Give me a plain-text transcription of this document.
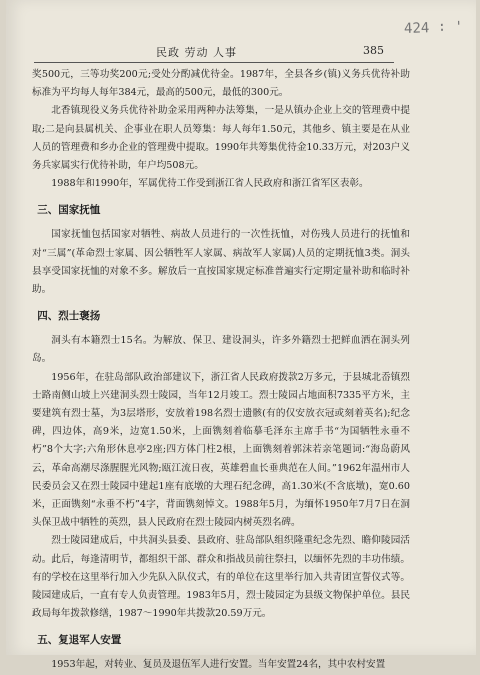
民政 劳动 人事	385
424 ∶ '

奖500元，三等功奖200元;受处分酌减优待金。1987年，全县各乡(镇)义务兵优待补助标准为平均每人每年384元，最高的500元，最低的300元。

北香镇现役义务兵优待补助金采用两种办法筹集，一是从镇办企业上交的管理费中提取;二是向县属机关、企事业在职人员筹集：每人每年1.50元，其他乡、镇主要是在从业人员的管理费和乡办企业的管理费中提取。1990年共筹集优待金10.33万元，对203户义务兵家属实行优待补助，年户均508元。

1988年和1990年，军属优待工作受到浙江省人民政府和浙江省军区表彰。

三、国家抚恤

国家抚恤包括国家对牺牲、病故人员进行的一次性抚恤，对伤残人员进行的抚恤和对“三属”(革命烈士家属、因公牺牲军人家属、病故军人家属)人员的定期抚恤3类。洞头县享受国家抚恤的对象不多。解放后一直按国家规定标准普遍实行定期定量补助和临时补助。

四、烈士褒扬

洞头有本籍烈士15名。为解放、保卫、建设洞头，许多外籍烈士把鲜血洒在洞头列岛。

1956年，在驻岛部队政治部建议下，浙江省人民政府拨款2万多元，于县城北岙镇烈士路南侧山坡上兴建洞头烈士陵园，当年12月竣工。烈士陵园占地面积7335平方米，主要建筑有烈士墓，为3层塔形，安放着198名烈士遗骸(有的仅安放衣冠或刻着英名);纪念碑，四边体，高9米，边宽1.50米，上面镌刻着临摹毛泽东主席手书“为国牺牲永垂不朽”8个大字;六角形休息亭2座;四方体门柱2根，上面镌刻着郭沫若亲笔题词:“海岛蔚风云，革命高潮尽涤腥腥光风物;瓯江流日夜，英雄碧血长垂典范在人间。”1962年温州市人民委员会又在烈士陵园中建起1座有底墩的大理石纪念碑，高1.30米(不含底墩)，宽0.60米，正面镌刻“永垂不朽”4字，背面镌刻悼文。1988年5月，为缅怀1950年7月7日在洞头保卫战中牺牲的英烈，县人民政府在烈士陵园内树英烈名碑。

烈士陵园建成后，中共洞头县委、县政府、驻岛部队组织隆重纪念先烈、瞻仰陵园活动。此后，每逢清明节，都组织干部、群众和指战员前往祭扫，以缅怀先烈的丰功伟绩。有的学校在这里举行加入少先队入队仪式，有的单位在这里举行加入共青团宣誓仪式等。陵园建成后，一直有专人负责管理。1983年5月，烈士陵园定为县级文物保护单位。县民政局每年拨款修缮，1987～1990年共拨款20.59万元。

五、复退军人安置

1953年起，对转业、复员及退伍军人进行安置。当年安置24名，其中农村安置
